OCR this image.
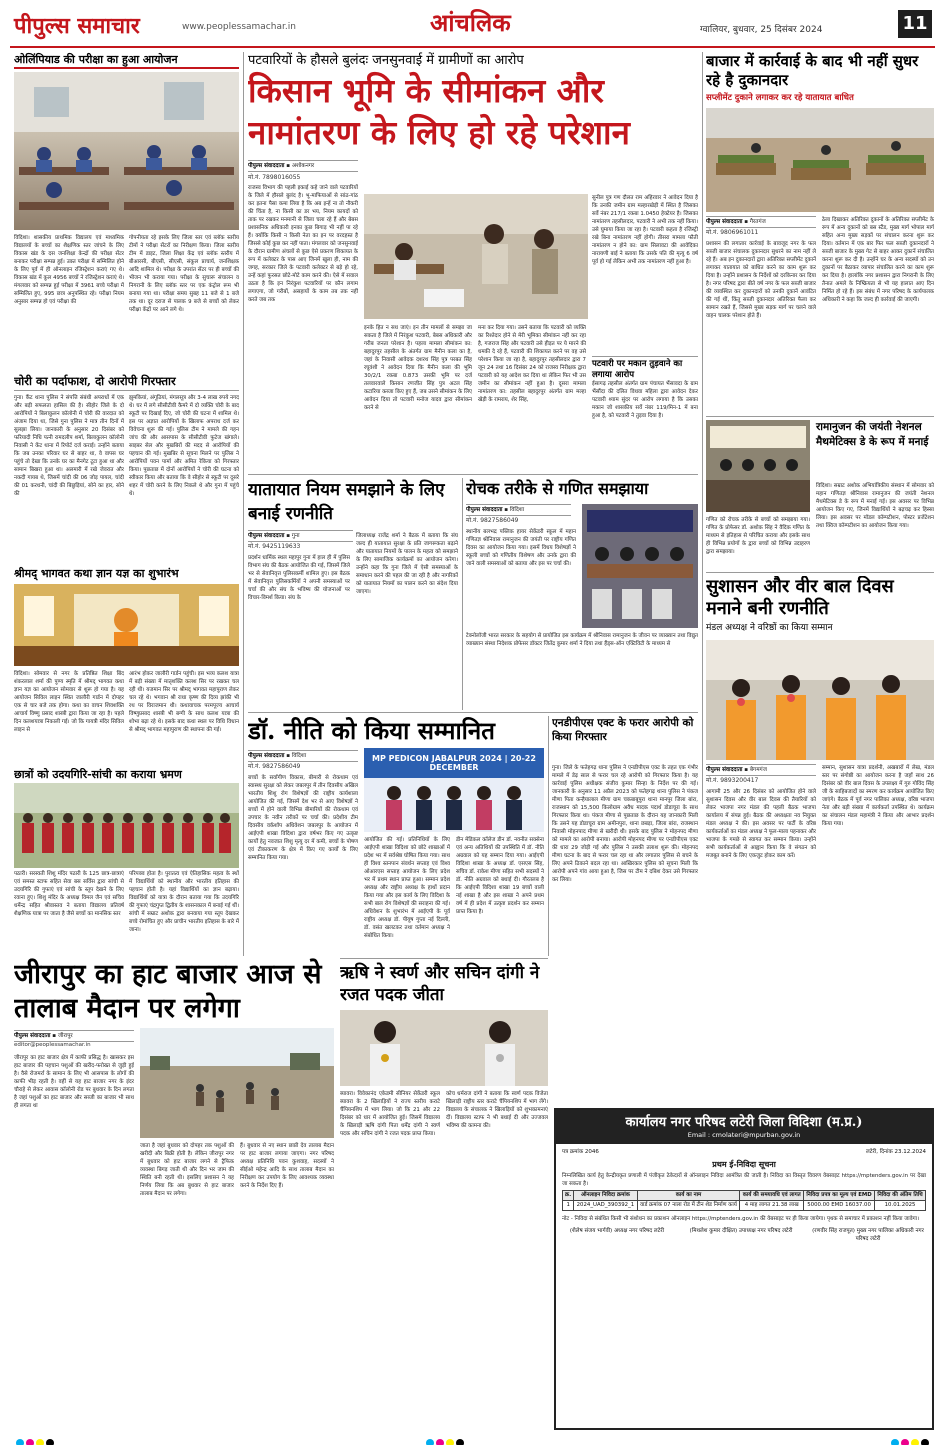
पीपुल्स समाचार	www.peoplessamachar.in	आंचलिक	ग्वालियर, बुधवार, 25 दिसंबर 2024	11
ओलिंपियाड की परीक्षा का हुआ आयोजन
विदिशा। शासकीय प्राथमिक विद्यालय एवं माध्यमिक विद्यालयों के बच्चों का शैक्षणिक स्तर जांचने के लिए विकास खंड के दस जनशिक्षा केन्द्रों की परीक्षा सेंटर बनाकर परीक्षा सम्पन्न हुई। उक्त परीक्षा में सम्मिलित होने के लिए पूर्व में ही ऑनलाइन रजिस्ट्रेशन कराएं गए थे। विकास खंड में कुल 4956 बच्चों ने रजिस्ट्रेशन कराएं थे। मंगलवार को सम्पन्न हुई परीक्षा में 3961 बच्चे परीक्षा में सम्मिलित हुए, 995 छात्र अनुपस्थित रहे। परीक्षा नियम अनुसार सम्पन्न हो एवं परीक्षा की
गोपनीयता रहे इसके लिए जिला स्तर एवं ब्लॉक स्तरीय टीमों ने परीक्षा सेंटरों का निरीक्षण किया। जिला स्तरीय टीम में डाइट, जिला शिक्षा केंद्र एवं ब्लॉक स्तरीय में बीआरसी, बीएसी, सीएसी, संकुल प्राचार्य, जनशिक्षक आदि शामिल थे। परीक्षा के उपरांत सेंटर पर ही बच्चों की भीजन भी कराया गया। परीक्षा के सुचारू संचालन व निगरानी के लिए ब्लॉक स्तर पर एक कंट्रोल रूम भी बनाया गया था। परीक्षा समय सुबह 11 बजे से 1 बजे तक था। दूर दराज से पालक 9 बजे से बच्चों को लेकर परीक्षा केंद्रों पर आने लगे थे।
चोरी का पर्दाफाश, दो आरोपी गिरफ्तार
गुना। कैंट थाना पुलिस ने संपत्ति संबंधी अपराधों में एक और बड़ी सफलता हासिल की है। सीहोर जिले के दो आरोपियों ने बिलाकुलन कॉलोनी में चोरी की वारदात को अंजाम दिया था, जिसे गुना पुलिस ने मात्र तीन दिनों में सुलझा लिया। जानकारी के अनुसार 20 दिसंबर को फरियादी निधि पत्नी रामदलीप शर्मा, बिलाकुलन कॉलोनी निवासी ने केंट थाना में रिपोर्ट दर्ज कराई। उन्होंने बताया कि जब उनका परिवार घर से बाहर था, वे वापस घर पहुंचे तो देखा कि उनके घर का मैनगेट टूटा हुआ था और सामान बिखरा हुआ था। अलमारी में रखे जेवरात और नकदी गायब थे, जिसमें चांदी की 06 जोड़ पायल, चांदी की 01 करधनी, चांदी की बिछुड़ियां, सोने का हार, सोने की
झुमकियां, अंगूठियां, मंगलसूत्र और 3-4 लाख रुपये नगद थे। घर में लगे सीसीटीवी कैमरे में दो व्यक्ति चोरी के बाद स्कूटी पर दिखाई दिए, जो चोरी की घटना में शामिल थे। इस पर अज्ञात आरोपियों के खिलाफ अपराध दर्ज कर विवेचना शुरू की गई। पुलिस टीम ने मामले की गहन जांच की और आसपास के सीसीटीवी फुटेज खंगाले। साइबर सेल और मुखबिरों की मदद से आरोपियों की पहचान की गई। मुखबिर से सूचना मिलने पर पुलिस ने आरोपियों पवन पार्मा और अमित रेकिया को गिरफ्तार किया। पूछताछ में दोनों आरोपियों ने चोरी की घटना को स्वीकार किया और बताया कि वे सीहोर से स्कूटी पर दूसरे शहर में चोरी करने के लिए निकले थे और गुना में पहुंचे थे।
श्रीमद् भागवत कथा ज्ञान यज्ञ का शुभारंभ
विदिशा। सोमवार से नगर के प्रतिष्ठित शिक्षा बिंद शंकरलाल शर्मा की पुण्य स्मृति में श्रीमद् भागवत कथा ज्ञान यज्ञ का आयोजन सोमवार से शुरू हो गया है। यह आयोजन सिविल लाइन स्थित जालौरी गार्डन में दोपहर एक से चार बजे तक होगा। कथा का वाचन शिवशक्ति आचार्य विष्णु प्रसाद शास्त्री द्वारा किया जा रहा है। पहले दिन कलशयात्रा निकाली गई। जो कि गायत्री मंदिर सिविल लाइन से
आरंभ होकर जालौरी गार्डन पहुंची। इस भव्य कलश यात्रा में बड़ी संख्या में मातृशक्ति कलश सिर पर रखकर चल रही थी। यजमान सिर पर श्रीमद् भागवत महापुराण लेकर चल रहे थे। भगवान श्री राधा कृष्ण की दिव्य झांकी भी रथ पर विराजमान थी। कथावाचक परमपूज्य आचार्य विष्णुप्रसाद शास्त्री भी बग्गी के साथ कलश यात्रा की शोभा बढ़ा रहे थे। इसके बाद कथा स्थल पर विधि विधान से श्रीमद् भागवत महापुराण की स्थापना की गई।
छात्रों को उदयगिरि-सांची का कराया भ्रमण
पठारी। सरस्वती शिशु मंदिर पठारी के 125 छात्र-छात्राएं एवं समस्त स्टाफ सहित सेवा बस सर्विस द्वारा सांची से उदयगिरि की गुफाएं एवं सांची के स्तूप देखने के लिए रवाना हुए। शिशु मंदिर के अध्यक्ष विमल जैन एवं सचिव धर्मेन्द्र सहित श्रीवास्तव ने बताया विद्यालय प्रतिवर्ष शैक्षणिक यात्रा पर जाता है जैसे बच्चों का मानसिक स्तर
परिपक्व होता है। पुरातत्व एवं ऐतिहासिक महत्व के स्थों में विद्यार्थियों को स्थानीय और भारतीय इतिहास की पहचान होती है। यहां विद्यार्थियों का ज्ञान बढ़ाया। विद्यार्थियों को यात्रा के दौरान बताया गया कि उदयगिरि की गुफाएं चंद्रगुप्त द्वितीय के शासनकाल में बनाई गई थीं। सांची में सम्राट अशोक द्वारा बनवाया गया स्तूप देखकर बच्चे रोमांचित हुए और प्राचीन भारतीय इतिहास के बारे में जाना।
जीरापुर का हाट बाजार आज से तालाब मैदान पर लगेगा
पीपुल्स संवाददाता ▪ जीरापुर
editor@peoplessamachar.in
जीरापुर का हाट बाजार क्षेत्र में काफी प्रसिद्ध है। खासकर इस हाट बाजार की पहचान पशुओं की खरीद-फरोख्त से जुड़ी हुई है। वैसे रोजमर्रा के सामान के लिए भी आसपास के लोगों की काफी भीड़ रहती है। वहीं से यह हाट बाजार नगर के इंदर चौराहे से लेकर आवास कॉलोनी रोड पर बुधवार के दिन लगता है जहां पशुओं का हाट बाजार और सब्जी का बाजार भी साथ ही लगता था
जाता है जहां बुधवार को दोपहर तक पशुओं की खरीदी और बिक्री होती है। लेकिन जीरापुर नगर में बुधवार को हाट बाजार लगने से ट्रैफिक व्यवस्था बिगड़ जाती थी और दिन भर जाम की स्थिति बनी रहती थी। इसलिए प्रशासन ने यह निर्णय लिया कि अब बुधवार से हाट बाजार तालाब मैदान पर लगेगा।
हैं। बुधवार से नए स्थान छाप्री देव तालाब मैदान पर हाट बाजार लगाया जाएगा। नगर परिषद अध्यक्ष प्रतिनिधि पवन कुशवाह, सदस्यों ने सीईओ महेन्द्र आदि के साथ तालाब मैदान का निरीक्षण कर उपयोग के लिए आवश्यक व्यवस्था करने के निर्देश दिए हैं।
पटवारियों के हौसले बुलंदः जनसुनवाई में ग्रामीणों का आरोप
किसान भूमि के सीमांकन और नामांतरण के लिए हो रहे परेशान
पीपुल्स संवाददाता ▪ अशोकनगर
मो.नं. 7898016055
राजस्व विभाग की पहली इकाई कहे जाने वाले पटवारियों के जिले में हौसले बुलंद है। भू-माफियाओं से सांठ-गांठ कर इतना पैसा कमा लिया है कि अब इन्हें ना तो नौकरी की चिंता है, ना किसी का डर भय, नियम कायदों को ताक पर रखकर मनमानी से जिला चला रहे हैं और बेबस प्रशासनिक अधिकारी इनका कुछ बिगाड़ भी नहीं पा रहे हैं। क्योंकि किसी न किसी नेता का इन पर वरदहस्त है जिससे कोई कुछ कर नहीं पाता। मंगलवार को जनसुनवाई के दौरान ग्रामीण अंचलों से कुछ ऐसे प्रकरण शिकायत के रूप में कलेक्टर के पास आए जिनमें खुला ही, नाम की जगह, सरकार जिले के पटवारी कलेक्टर से बड़े हो रहे, उन्हें कहां फुरसत छोटे-मोटे काम करने की। ऐसे में सवाल उठता है कि इन निरंकुश पटवारियों पर कौन लगाम लगाएगा, जो गरीबों, असहायों के काम तब तक नहीं करते जब तक
इनके हित न सध जाएं। इन तीन मामलों से समझा जा सकता है जिले में निरंकुश पटवारी, बेबस अधिकारी और गरीब जनता परेशान है। पहला मामला सीमांकन का: बहादुरपुर तहसील के अंतर्गत ग्राम मैनीन कला का है, जहां के निवासी आवेदक दशरथ सिंह पुत्र परबत सिंह रघुवंशी ने आवेदन दिया कि मैनीन कला की भूमि 30/2/1 रकबा 0.873 उसकी भूमि पर दर्ज तलवारवाले किसान रणजीत सिंह पुत्र अटल सिंह कटारिया कब्जा किए हुए हैं, जब उसने सीमांकन के लिए आवेदन दिया तो पटवारी मनोज यादव द्वारा सीमांकन करने से
मना कर दिया गया। उसने बताया कि पटवारी को व्यक्ति का रिश्तेदार होने से मेरी भूमिका सीमांकन नहीं कर रहा है, गजराज सिंह और पटवारी उसे हीड़त पर ये मारने की धमकी दे रहे हैं, पटवारी की शिकायत करने पर वह उसे परेशान किया जा रहा है, बहादुरपुर तहसीलदार द्वारा 7 जून 24 तथा 16 दिसंबर 24 को राजस्व निरीक्षक द्वारा पटवारी को यह आदेश कर दिया था लेकिन फिर भी उस जमीन का सीमांकन नहीं हुआ है। दूसरा मामला नामांतरण का: तहसील बहादुरपुर अंतर्गत ग्राम मल्हा खेड़ी के रामराय, शेर सिंह,
सुनील पुत्र गण दौलत राम अहिरवार ने आवेदन दिया है कि उनकी जमीन ग्राम मल्हारखेड़ी में स्थित है जिसका सर्वे नंबर 217/1 रकबा 1.0450 हेक्टेयर है। जिसका नामांतरण तहसीलदार, पटवारी ने अभी तक नहीं किया। उसे घुमाया किया जा रहा है। पटवारी कहता है रजिस्ट्री रखे बिना नामांतरण नहीं होगी। तीसरा मामला फौती नामांतरण न होने का: ग्राम सिलावटा की आवेदिका नारायणी बाई ने बताया कि उसके पति की मृत्यु 6 वर्ष पूर्व हो गई लेकिन अभी तक नामांतरण नहीं हुआ है।
पटवारी पर मकान तुड़वाने का लगाया आरोप
ईसागढ़ तहसील अंतर्गत ग्राम पंचायत भैंसावदा के ग्राम भैंसौंदा की दलित विधवा महिला द्वारा आवेदन देकर पटवारी श्याम सुंदर पर आरोप लगाया है कि उसका मकान जो शासकीय सर्वे नंबर 119/मिन-1 में बना हुआ है, को पटवारी ने तुड़वा दिया है।
यातायात नियम समझाने के लिए बनाई रणनीति
पीपुल्स संवाददाता ▪ गुना
मो.नं. 9425119633
प्रदर्शन धार्मिक स्थल महापुर गुना में हाल ही में पुलिस विभाग संघ की बैठक आयोजित की गई, जिसमें जिले भर से सेवानिवृत्त पुलिसकर्मी शामिल हुए। इस बैठक में सेवानिवृत्त पुलिसकर्मियों ने अपनी समस्याओं पर चर्चा की और संघ के भविष्य की योजनाओं पर विचार-विमर्श किया। संघ के
जिलाध्यक्ष राजेंद्र शर्मा ने बैठक में बताया कि संघ जल्द ही यातायात सुरक्षा के प्रति जागरूकता बढ़ाने और यातायात नियमों के पालन के महत्व को समझाने के लिए सामाजिक कार्यक्रमों का आयोजन करेगा। उन्होंने कहा कि गुना जिले में ऐसी समस्याओं के समाधान करने की पहल की जा रही है और नागरिकों को यातायात नियमों का पालन करने का संदेश दिया जाएगा।
रोचक तरीके से गणित समझाया
पीपुल्स संवाददाता ▪ विदिशा
मो.नं. 9827586049
स्थानीय बलभद्र पब्लिक हायर सेकेंडरी स्कूल में महान गणितज्ञ श्रीनिवास रामानुजन की जयंती पर राष्ट्रीय गणित दिवस का आयोजन किया गया। इसमें विधय विशेषज्ञों ने स्कूली बच्चों को गणितीय विशेषण और उनके द्वारा की जाने वाली समस्याओं को बताया और इस पर चर्चा की।
टेक्नोलॉजी भारत सरकार के सहयोग से प्रायोजित इस कार्यक्रम में श्रीनिवास रामानुजन के जीवन पर व्याख्यान तथा विद्युत व्याख्यान संस्था निदेशक प्रोफेसर डॉक्टर जितेंद्र कुमार शर्मा ने दिया तथा हैंड्स-ऑन एक्टिविटी के माध्यम से
डॉ. नीति को किया सम्मानित
पीपुल्स संवाददाता ▪ विदिशा
मो.नं. 9827586049
बच्चों के सर्वांगीण विकास, बीमारी से रोकथाम एवं स्वास्थ्य सुरक्षा को लेकर जबलपुर में तीन दिवसीय अखिल भारतीय शिशु रोग विशेषज्ञों की राष्ट्रीय कार्यशाला आयोजित की गई, जिसमें देश भर से आए विशेषज्ञों ने बच्चों में होने वाली विभिन्न बीमारियों की रोकथाम एवं उपचार के नवीन तरीकों पर चर्चा की। प्रदेशीय टीम दिवसीय वर्कशॉप अधिवेशन जबलपुर के आयोजन में आईएपी शाखा विदिशा द्वारा वर्षभर किए गए उत्कृष्ट कार्यों हेतु नवजात शिशु मृत्यु दर में कमी, बच्चों के पोषण एवं टीकाकरण के क्षेत्र में किए गए कार्यों के लिए सम्मानित किया गया।
MP PEDICON JABALPUR 2024 | 20-22 DECEMBER
आयोजित की गई। प्रतिनिधियों के लिए आईएपी शाखा विदिशा को छोटे शाखाओं में प्रदेश भर में सर्वश्रेष्ठ घोषित किया गया। साथ ही विश्व स्तनपान संवर्धन सप्ताह एवं विश्व ओआरएस सप्ताह आयोजन के लिए प्रदेश भर में प्रथम स्थान प्राप्त हुआ। सम्मान प्रदेश अध्यक्ष और राष्ट्रीय अध्यक्ष के हाथों प्रदान किया गया और इस कार्य के लिए विदिशा के सभी बाल रोग विशेषज्ञों की सराहना की गई। अधिवेशन के शुभारंभ में आईएपी के पूर्व राष्ट्रीय अध्यक्ष डॉ. पीयूष गुप्ता नई दिल्ली, डॉ. वसंत खलटकर तथा वर्तमान अध्यक्ष ने संबोधित किया।
डीन मेडिकल कॉलेज डीन डॉ. नवनीत सक्सेना एवं अन्य अतिथियों की उपस्थिति में डॉ. नीति अग्रवाल को यह सम्मान दिया गया। आईएपी विदिशा शाखा के अध्यक्ष डॉ. एसएस सिंह, सचिव डॉ. राकेश मीणा सहित सभी सदस्यों ने डॉ. नीति अग्रवाल को बधाई दी। गौरतलब है कि आईएपी विदिशा शाखा 19 बच्चों वाली नई शाखा है और इस शाखा ने अपने प्रथम वर्ष में ही प्रदेश में उत्कृष्ट प्रदर्शन कर सम्मान प्राप्त किया है।
एनडीपीएस एक्ट के फरार आरोपी को किया गिरफ्तार
गुना। जिले के फतेहगढ़ थाना पुलिस ने एनडीपीएस एक्ट के तहत एक गंभीर मामले में डेढ़ साल से फरार चल रहे आरोपी को गिरफ्तार किया है। यह कार्रवाई पुलिस अधीक्षक संजीव कुमार सिन्हा के निर्देश पर की गई। जानकारी के अनुसार 11 अप्रैल 2023 को फतेहगढ़ थाना पुलिस ने पंकज मीणा पिता कन्हैयालाल मीणा ग्राम चकबाबूपुरा थाना मानपुर जिला बांरा, राजस्थान को 15,500 किलोग्राम अवैध मादक पदार्थ डोडाचूरा के साथ गिरफ्तार किया था। पंकज मीणा से पूछताछ के दौरान यह जानकारी मिली कि उसने यह डोडाचूरा ग्राम अमीनपुरा, थाना छबड़ा, जिला बांरा, राजस्थान निवासी मोहनपाद मीणा से खरीदी थी। इसके बाद पुलिस ने मोहनपद मीणा को मामले का आरोपी बनाया। आरोपी मोहनपद मीणा पर एनडीपीएस एक्ट की धारा 29 जोड़ी गई और पुलिस ने उसकी तलाश शुरू की। मोहनपद मीणा घटना के बाद से फरार चल रहा था और लगातार पुलिस से बचने के लिए अपने ठिकाने बदल रहा था। आखिरकार पुलिस को सूचना मिली कि आरोपी अपने गांव आया हुआ है, जिस पर टीम ने दबिश देकर उसे गिरफ्तार कर लिया।
ऋषि ने स्वर्ण और सचिन दांगी ने रजत पदक जीता
ब्यावरा। विवेकानंद एकेडमी सीनियर सेकेंडरी स्कूल ब्यावरा के 2 खिलाड़ियों ने राज्य स्तरीय कराटे चैंपियनशिप में भाग लिया। जो कि 21 और 22 दिसंबर को धार में आयोजित हुई। जिसमें विद्यालय के खिलाड़ी ऋषि दांगी पिता धर्मेंद्र दांगी ने स्वर्ण पदक और सचिन दांगी ने रजत पदक प्राप्त किया।
कोच धर्मराज दांगी ने बताया कि स्वर्ण पदक विजेता खिलाड़ी राष्ट्रीय स्तर कराटे चैंपियनशिप में भाग लेंगे। विद्यालय के संचालक ने खिलाड़ियों को शुभकामनाएं दीं। विद्यालय स्टाफ ने भी बधाई दी और उज्जवल भविष्य की कामना की।
बाजार में कार्रवाई के बाद भी नहीं सुधर रहे है दुकानदार
सप्लीमेंट दुकाने लगाकर कर रहे यातायात बाधित
पीपुल्स संवाददाता ▪ गैरतगंज
मो.नं. 9806961011
प्रशासन की लगातार कार्रवाई के बावजूद नगर के फल सब्जी बाजार संचालक दुकानदार सुधरने का नाम नहीं ले रहे हैं। अब इन दुकानदारों द्वारा अतिरिक्त सप्लीमेंट दुकानें लगाकर यातायात को बाधित करने का काम शुरू कर दिया है। उन्होंने प्रशासन के निर्देशों को दरकिनार कर दिया है। नगर परिषद द्वारा बीते वर्ष नगर के फल सब्जी बाजार की व्यवस्थित कर दुकानदारों को उनकी दुकानें आवंटित की गई थीं, किंतु सब्जी दुकानदार अतिरिक्त फैला कर सामान रखते हैं, जिससे मुख्य सड़क मार्ग पर चलने वाले वाहन चालक परेशान होते हैं।
ठेला दिखाकर अतिरिक्त दुकानों के अतिरिक्त सप्लीमेंट के रूप में अन्य दुकानों को बस स्टैंड, मुख्य मार्ग भोपाल मार्ग सहित अन्य मुख्य सड़कों पर संचालन करना शुरू कर दिया। वर्तमान में एक बार फिर फल सब्जी दुकानदारों ने सब्जी बाजार के मुख्य गेट से बाहर आकर दुकानें संचालित करना शुरू कर दी है। उन्होंने घर के अन्य सदस्यों को उन दुकानों पर बैठाकर व्यापार संचालित करने का काम शुरू कर दिया है। हालांकि नगर प्रशासन द्वारा निगरानी के लिए तैनात अमले के निष्क्रियता से भी यह हालात आए दिन निर्मित हो रहे हैं। इस संबंध में नगर परिषद के कार्यपालक अधिकारी ने कहा कि जल्द ही कार्रवाई की जाएगी।
रामानुजन की जयंती नेशनल मैथमेटिक्स डे के रूप में मनाई
विदिशा। सम्राट अशोक अभियांत्रिकीय संस्थान में सोमवार को महान गणितज्ञ श्रीनिवास रामानुजन की जयंती नेशनल मैथमेटिक्स डे के रूप में मनाई गई। इस अवसर पर विभिन्न आयोजन किए गए, जिनमें विद्यार्थियों ने बढ़चढ़ कर हिस्सा लिया। इस अवसर पर मॉडल कॉम्पटीशन, पोस्टर प्रजेंटेशन तथा क्विज कॉम्पटीशन का आयोजन किया गया।
गणित को रोचक तरीके से बच्चों को समझाया गया। गणित के प्रोफेसर डॉ. अशोक सिंह ने वैदिक गणित के माध्यम से इतिहास से परिचित कराया और इसके साथ ही विभिन्न प्रयोगों के द्वारा बच्चों को विभिन्न उदाहरण द्वारा समझाया।
सुशासन और वीर बाल दिवस मनाने बनी रणनीति
मंडल अध्यक्ष ने वरिष्ठों का किया सम्मान
पीपुल्स संवाददाता ▪ बेगमगंज
मो.नं. 9893200417
आगामी 25 और 26 दिसंबर को आयोजित होने वाले सुशासन दिवस और वीर बाल दिवस की तैयारियों को लेकर भाजपा नगर मंडल की पहली बैठक भाजपा कार्यालय में संपन्न हुई। बैठक की अध्यक्षता नव नियुक्त मंडल अध्यक्ष ने की। इस अवसर पर पार्टी के वरिष्ठ कार्यकर्ताओं का मंडल अध्यक्ष ने फूल-माला पहनाकर और भाजपा के गमछे से स्वागत कर सम्मान किया। उन्होंने सभी कार्यकर्ताओं से आह्वान किया कि वे संगठन को मजबूत बनाने के लिए एकजुट होकर काम करें।
सम्मान, सुशासन यात्रा प्रदर्शनी, अखबारों में लेख, मंडल स्तर पर संगोष्ठी का आयोजन करना है जहाँ साथ 26 दिसंबर को वीर बाल दिवस के उपलक्ष्य में गुरु गोविंद सिंह जी के साहिबजादों का स्मरण कर कार्यक्रम आयोजित किए जाएंगे। बैठक में पूर्व नगर पालिका अध्यक्ष, वरिष्ठ भाजपा नेता और बड़ी संख्या में कार्यकर्ता उपस्थित थे। कार्यक्रम का संचालन मंडल महामंत्री ने किया और आभार प्रदर्शन किया गया।
कार्यालय नगर परिषद लटेरी जिला विदिशा (म.प्र.)
Email : cmolateri@mpurban.gov.in
पत्र क्रमांक 2046	लटेरी, दिनांक 23.12.2024
प्रथम ई-निविदा सूचना
निम्नलिखित कार्य हेतु केन्द्रीयकृत प्रणाली में पंजीकृत ठेकेदारों से ऑनलाइन निविदा आमंत्रित की जाती है। निविदा का विस्तृत विवरण वेबसाइट https://mptenders.gov.in पर देखा जा सकता है।
क्र.	ऑनलाइन निविदा क्रमांक	कार्य का नाम	कार्य की समयावधि एवं लागत	निविदा प्रपत्र का मूल्य एवं EMD	निविदा की अंतिम तिथि
1	2024_UAD_390392_1	वार्ड क्रमांक 07 नाला रोड में टीन शेड निर्माण कार्य	4 माह लागत 21.38 लाख	5000.00 EMD 16037.00	10.01.2025
नोट - निविदा से संबंधित किसी भी संशोधन का प्रकाशन ऑनलाइन https://mptenders.gov.in की वेबसाइट पर ही किया जायेगा। पृथक से समाचार में प्रकाशन नहीं किया जावेगा।
(शैलेष संजय भार्गवी) अध्यक्ष नगर परिषद लटेरी	(मिथलेश कुमार दीक्षित) उपाध्यक्ष नगर परिषद लटेरी	(रणवीर सिंह राजपूत) मुख्य नगर पालिका अधिकारी नगर परिषद लटेरी
